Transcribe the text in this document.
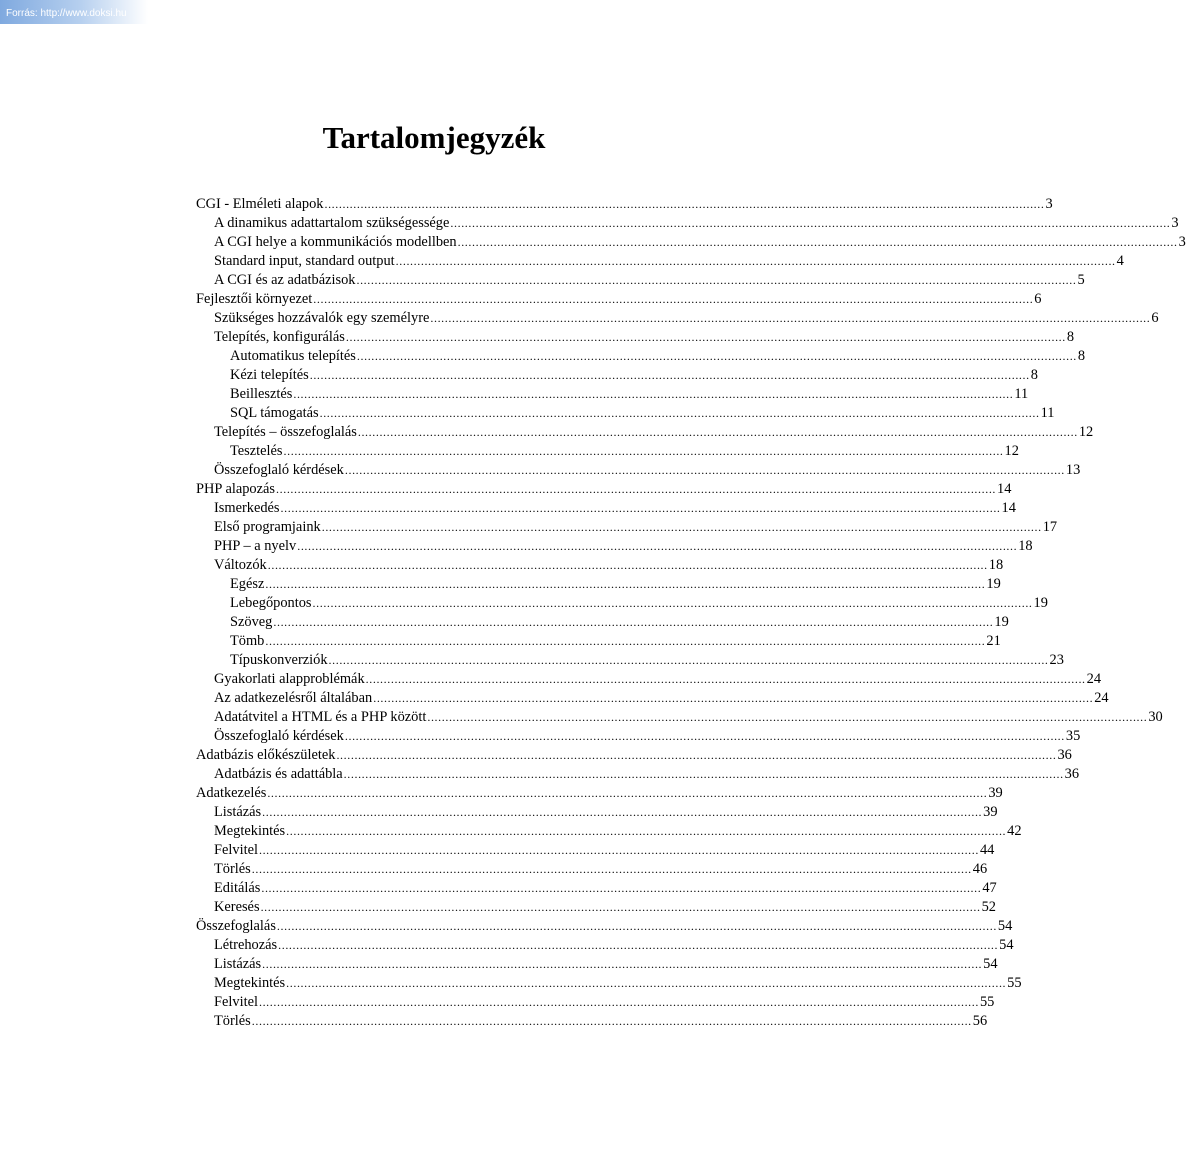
Forrás: http://www.doksi.hu
Tartalomjegyzék
CGI - Elméleti alapok ........................................................................................................................................................................................................ 3
A dinamikus adattartalom szükségessége ........................................................................................................................................................................................................ 3
A CGI helye a kommunikációs modellben ........................................................................................................................................................................................................ 3
Standard input, standard output ........................................................................................................................................................................................................ 4
A CGI és az adatbázisok ........................................................................................................................................................................................................ 5
Fejlesztői környezet ........................................................................................................................................................................................................ 6
Szükséges hozzávalók egy személyre ........................................................................................................................................................................................................ 6
Telepítés, konfigurálás ........................................................................................................................................................................................................ 8
Automatikus telepítés ........................................................................................................................................................................................................ 8
Kézi telepítés ........................................................................................................................................................................................................ 8
Beillesztés ........................................................................................................................................................................................................ 11
SQL támogatás ........................................................................................................................................................................................................ 11
Telepítés – összefoglalás ........................................................................................................................................................................................................ 12
Tesztelés ........................................................................................................................................................................................................ 12
Összefoglaló kérdések ........................................................................................................................................................................................................ 13
PHP alapozás ........................................................................................................................................................................................................ 14
Ismerkedés ........................................................................................................................................................................................................ 14
Első programjaink ........................................................................................................................................................................................................ 17
PHP – a nyelv ........................................................................................................................................................................................................ 18
Változók ........................................................................................................................................................................................................ 18
Egész ........................................................................................................................................................................................................ 19
Lebegőpontos ........................................................................................................................................................................................................ 19
Szöveg ........................................................................................................................................................................................................ 19
Tömb ........................................................................................................................................................................................................ 21
Típuskonverziók ........................................................................................................................................................................................................ 23
Gyakorlati alapproblémák ........................................................................................................................................................................................................ 24
Az adatkezelésről általában ........................................................................................................................................................................................................ 24
Adatátvitel a HTML és a PHP között ........................................................................................................................................................................................................ 30
Összefoglaló kérdések ........................................................................................................................................................................................................ 35
Adatbázis előkészületek ........................................................................................................................................................................................................ 36
Adatbázis és adattábla ........................................................................................................................................................................................................ 36
Adatkezelés ........................................................................................................................................................................................................ 39
Listázás ........................................................................................................................................................................................................ 39
Megtekintés ........................................................................................................................................................................................................ 42
Felvitel ........................................................................................................................................................................................................ 44
Törlés ........................................................................................................................................................................................................ 46
Editálás ........................................................................................................................................................................................................ 47
Keresés ........................................................................................................................................................................................................ 52
Összefoglalás ........................................................................................................................................................................................................ 54
Létrehozás ........................................................................................................................................................................................................ 54
Listázás ........................................................................................................................................................................................................ 54
Megtekintés ........................................................................................................................................................................................................ 55
Felvitel ........................................................................................................................................................................................................ 55
Törlés ........................................................................................................................................................................................................ 56
